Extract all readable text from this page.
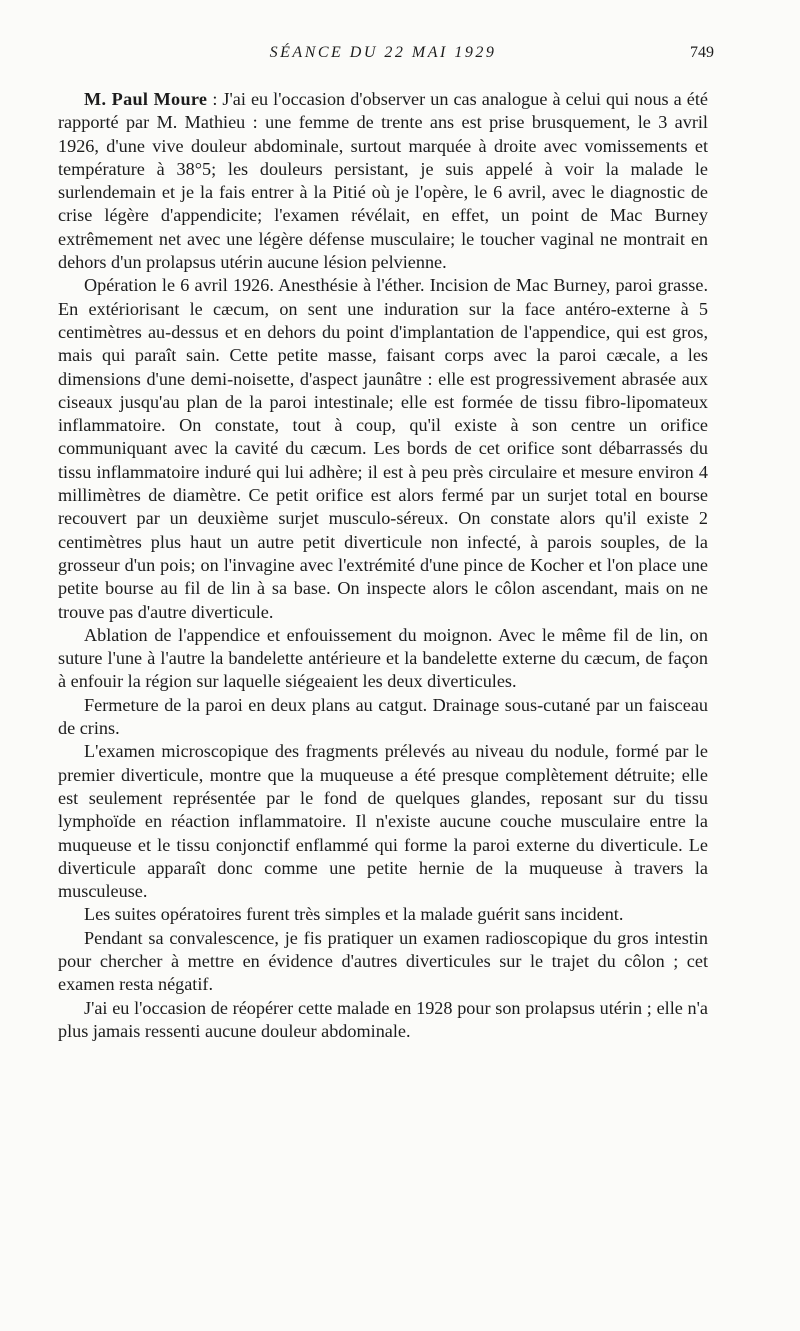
SÉANCE DU 22 MAI 1929	749

M. Paul Moure : J'ai eu l'occasion d'observer un cas analogue à celui qui nous a été rapporté par M. Mathieu : une femme de trente ans est prise brusquement, le 3 avril 1926, d'une vive douleur abdominale, surtout marquée à droite avec vomissements et température à 38°5; les douleurs persistant, je suis appelé à voir la malade le surlendemain et je la fais entrer à la Pitié où je l'opère, le 6 avril, avec le diagnostic de crise légère d'appendicite; l'examen révélait, en effet, un point de Mac Burney extrêmement net avec une légère défense musculaire; le toucher vaginal ne montrait en dehors d'un prolapsus utérin aucune lésion pelvienne.

Opération le 6 avril 1926. Anesthésie à l'éther. Incision de Mac Burney, paroi grasse. En extériorisant le cæcum, on sent une induration sur la face antéro-externe à 5 centimètres au-dessus et en dehors du point d'implantation de l'appendice, qui est gros, mais qui paraît sain. Cette petite masse, faisant corps avec la paroi cæcale, a les dimensions d'une demi-noisette, d'aspect jaunâtre : elle est progressivement abrasée aux ciseaux jusqu'au plan de la paroi intestinale; elle est formée de tissu fibro-lipomateux inflammatoire. On constate, tout à coup, qu'il existe à son centre un orifice communiquant avec la cavité du cæcum. Les bords de cet orifice sont débarrassés du tissu inflammatoire induré qui lui adhère; il est à peu près circulaire et mesure environ 4 millimètres de diamètre. Ce petit orifice est alors fermé par un surjet total en bourse recouvert par un deuxième surjet musculo-séreux. On constate alors qu'il existe 2 centimètres plus haut un autre petit diverticule non infecté, à parois souples, de la grosseur d'un pois; on l'invagine avec l'extrémité d'une pince de Kocher et l'on place une petite bourse au fil de lin à sa base. On inspecte alors le côlon ascendant, mais on ne trouve pas d'autre diverticule.

Ablation de l'appendice et enfouissement du moignon. Avec le même fil de lin, on suture l'une à l'autre la bandelette antérieure et la bandelette externe du cæcum, de façon à enfouir la région sur laquelle siégeaient les deux diverticules.

Fermeture de la paroi en deux plans au catgut. Drainage sous-cutané par un faisceau de crins.

L'examen microscopique des fragments prélevés au niveau du nodule, formé par le premier diverticule, montre que la muqueuse a été presque complètement détruite; elle est seulement représentée par le fond de quelques glandes, reposant sur du tissu lymphoïde en réaction inflammatoire. Il n'existe aucune couche musculaire entre la muqueuse et le tissu conjonctif enflammé qui forme la paroi externe du diverticule. Le diverticule apparaît donc comme une petite hernie de la muqueuse à travers la musculeuse.

Les suites opératoires furent très simples et la malade guérit sans incident.

Pendant sa convalescence, je fis pratiquer un examen radioscopique du gros intestin pour chercher à mettre en évidence d'autres diverticules sur le trajet du côlon ; cet examen resta négatif.

J'ai eu l'occasion de réopérer cette malade en 1928 pour son prolapsus utérin ; elle n'a plus jamais ressenti aucune douleur abdominale.
